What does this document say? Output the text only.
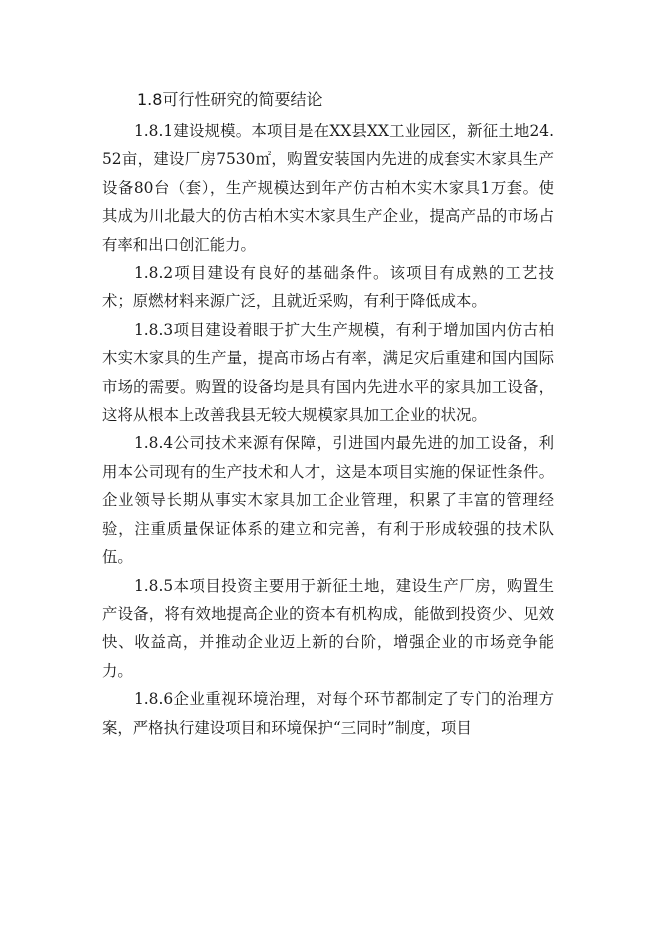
1.8可行性研究的简要结论

1.8.1建设规模。本项目是在XX县XX工业园区，新征土地24.52亩，建设厂房7530㎡，购置安装国内先进的成套实木家具生产设备80台（套），生产规模达到年产仿古柏木实木家具1万套。使其成为川北最大的仿古柏木实木家具生产企业，提高产品的市场占有率和出口创汇能力。

1.8.2项目建设有良好的基础条件。该项目有成熟的工艺技术；原燃材料来源广泛，且就近采购，有利于降低成本。

1.8.3项目建设着眼于扩大生产规模，有利于增加国内仿古柏木实木家具的生产量，提高市场占有率，满足灾后重建和国内国际市场的需要。购置的设备均是具有国内先进水平的家具加工设备，这将从根本上改善我县无较大规模家具加工企业的状况。

1.8.4公司技术来源有保障，引进国内最先进的加工设备，利用本公司现有的生产技术和人才，这是本项目实施的保证性条件。企业领导长期从事实木家具加工企业管理，积累了丰富的管理经验，注重质量保证体系的建立和完善，有利于形成较强的技术队伍。

1.8.5本项目投资主要用于新征土地，建设生产厂房，购置生产设备，将有效地提高企业的资本有机构成，能做到投资少、见效快、收益高，并推动企业迈上新的台阶，增强企业的市场竞争能力。

1.8.6企业重视环境治理，对每个环节都制定了专门的治理方案，严格执行建设项目和环境保护“三同时”制度，项目
